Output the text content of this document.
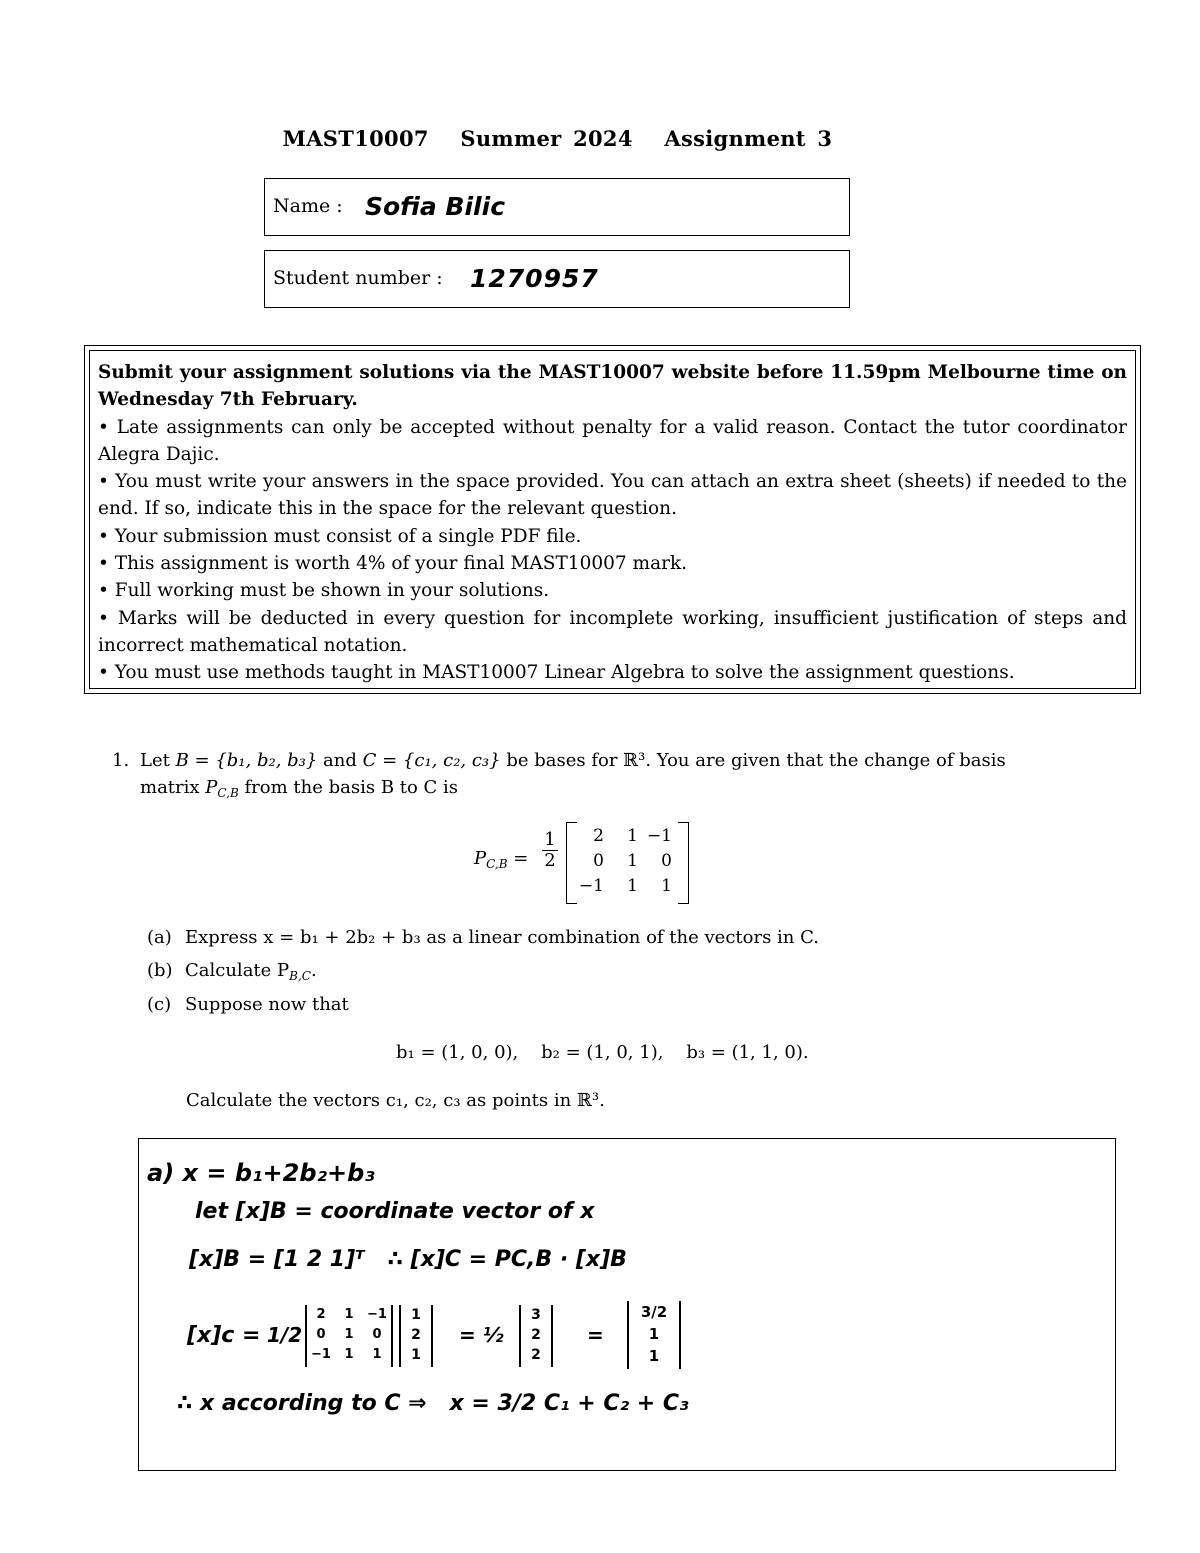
MAST10007 Summer 2024 Assignment 3
Name : Sofia Bilic
Student number : 1270957
Submit your assignment solutions via the MAST10007 website before 11.59pm Melbourne time on Wednesday 7th February.
• Late assignments can only be accepted without penalty for a valid reason. Contact the tutor coordinator Alegra Dajic.
• You must write your answers in the space provided. You can attach an extra sheet (sheets) if needed to the end. If so, indicate this in the space for the relevant question.
• Your submission must consist of a single PDF file.
• This assignment is worth 4% of your final MAST10007 mark.
• Full working must be shown in your solutions.
• Marks will be deducted in every question for incomplete working, insufficient justification of steps and incorrect mathematical notation.
• You must use methods taught in MAST10007 Linear Algebra to solve the assignment questions.
1. Let B = {b₁, b₂, b₃} and C = {c₁, c₂, c₃} be bases for ℝ³. You are given that the change of basis
matrix $P_{C,B}$ from the basis B to C is
$P_{C,B} = \frac{1}{2}$	2	1 −1
0	1	0
−1	1	1
(a) Express x = b₁ + 2b₂ + b₃ as a linear combination of the vectors in C.
(b) Calculate $P_{B,C}$.
(c) Suppose now that
b₁ = (1, 0, 0),    b₂ = (1, 0, 1),    b₃ = (1, 1, 0).
Calculate the vectors c₁, c₂, c₃ as points in ℝ³.
a) x = b₁+2b₂+b₃
let [x]B = coordinate vector of x
[x]B = [1 2 1]ᵀ   ∴ [x]C = PC,B · [x]B
[x]c = 1/2
2	1	−1
0	1	0
−1	1	1
1
2
1
= ½
3
2
2
=
3/2
1
1
∴ x according to C ⇒   x = 3/2 C₁ + C₂ + C₃
